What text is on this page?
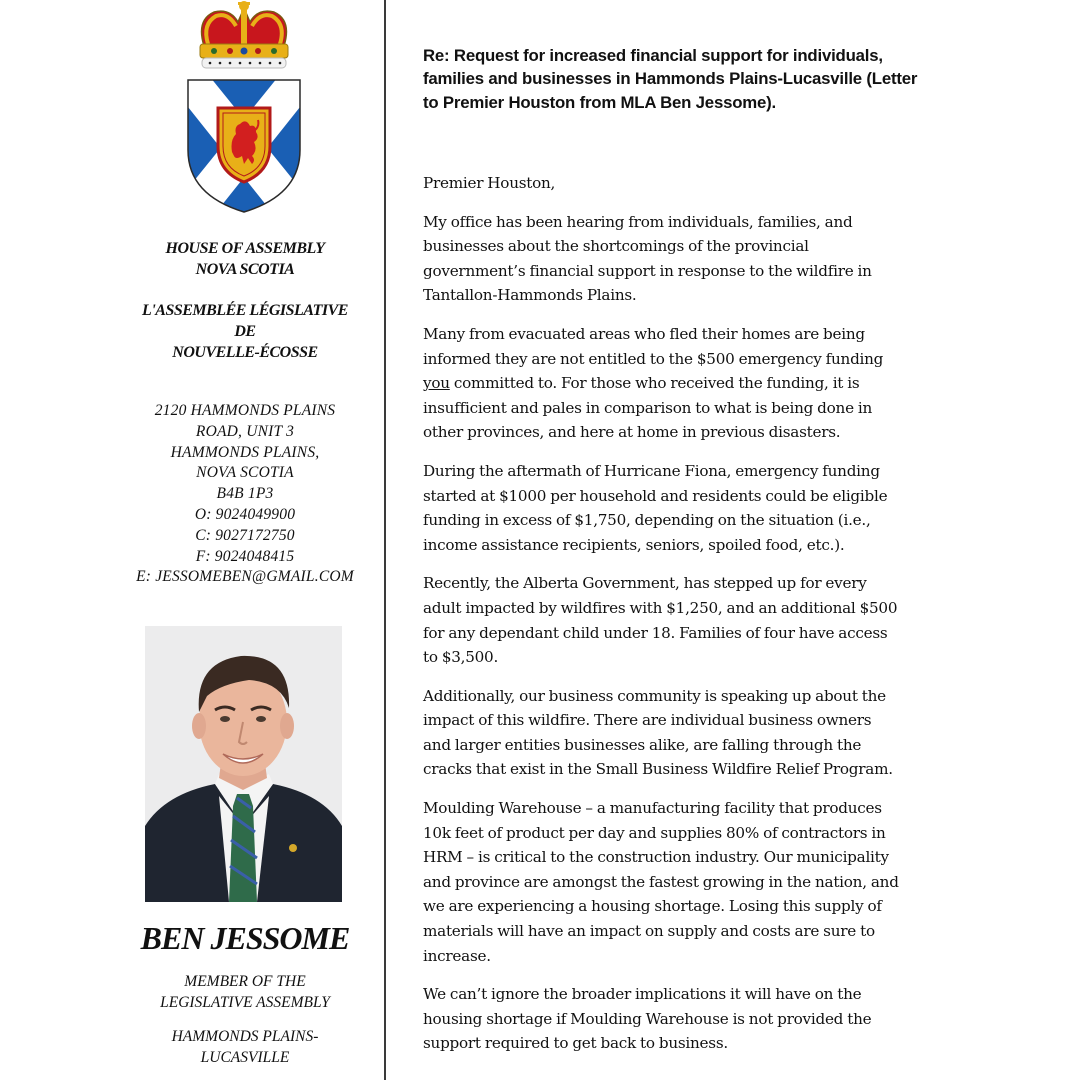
HOUSE OF ASSEMBLY
NOVA SCOTIA
L'ASSEMBLÉE LÉGISLATIVE
DE
NOUVELLE-ÉCOSSE
2120 HAMMONDS PLAINS
ROAD, UNIT 3
HAMMONDS PLAINS,
NOVA SCOTIA
B4B 1P3
O: 9024049900
C: 9027172750
F: 9024048415
E: JESSOMEBEN@GMAIL.COM
BEN JESSOME
MEMBER OF THE
LEGISLATIVE ASSEMBLY
HAMMONDS PLAINS-
LUCASVILLE
Re: Request for increased financial support for individuals,
families and businesses in Hammonds Plains-Lucasville (Letter
to Premier Houston from MLA Ben Jessome).

Premier Houston,

My office has been hearing from individuals, families, and
businesses about the shortcomings of the provincial
government’s financial support in response to the wildfire in
Tantallon-Hammonds Plains.

Many from evacuated areas who fled their homes are being
informed they are not entitled to the $500 emergency funding
you committed to. For those who received the funding, it is
insufficient and pales in comparison to what is being done in
other provinces, and here at home in previous disasters.

During the aftermath of Hurricane Fiona, emergency funding
started at $1000 per household and residents could be eligible
funding in excess of $1,750, depending on the situation (i.e.,
income assistance recipients, seniors, spoiled food, etc.).

Recently, the Alberta Government, has stepped up for every
adult impacted by wildfires with $1,250, and an additional $500
for any dependant child under 18. Families of four have access
to $3,500.

Additionally, our business community is speaking up about the
impact of this wildfire. There are individual business owners
and larger entities businesses alike, are falling through the
cracks that exist in the Small Business Wildfire Relief Program.

Moulding Warehouse – a manufacturing facility that produces
10k feet of product per day and supplies 80% of contractors in
HRM – is critical to the construction industry. Our municipality
and province are amongst the fastest growing in the nation, and
we are experiencing a housing shortage. Losing this supply of
materials will have an impact on supply and costs are sure to
increase.

We can’t ignore the broader implications it will have on the
housing shortage if Moulding Warehouse is not provided the
support required to get back to business.
